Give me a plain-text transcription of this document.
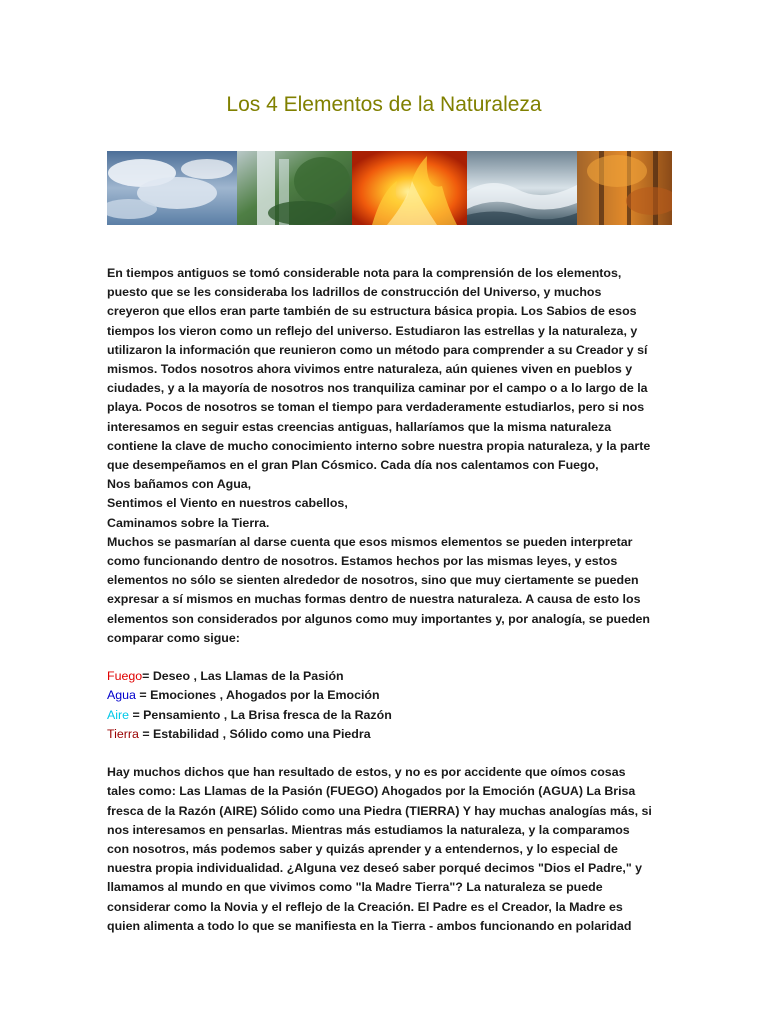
Los 4 Elementos de la Naturaleza
En tiempos antiguos se tomó considerable nota para la comprensión de los elementos,
puesto que se les consideraba los ladrillos de construcción del Universo, y muchos
creyeron que ellos eran parte también de su estructura básica propia. Los Sabios de esos
tiempos los vieron como un reflejo del universo. Estudiaron las estrellas y la naturaleza, y
utilizaron la información que reunieron como un método para comprender a su Creador y sí
mismos. Todos nosotros ahora vivimos entre naturaleza, aún quienes viven en pueblos y
ciudades, y a la mayoría de nosotros nos tranquiliza caminar por el campo o a lo largo de la
playa. Pocos de nosotros se toman el tiempo para verdaderamente estudiarlos, pero si nos
interesamos en seguir estas creencias antiguas, hallaríamos que la misma naturaleza
contiene la clave de mucho conocimiento interno sobre nuestra propia naturaleza, y la parte
que desempeñamos en el gran Plan Cósmico. Cada día nos calentamos con Fuego,
Nos bañamos con Agua,
Sentimos el Viento en nuestros cabellos,
Caminamos sobre la Tierra.
Muchos se pasmarían al darse cuenta que esos mismos elementos se pueden interpretar
como funcionando dentro de nosotros. Estamos hechos por las mismas leyes, y estos
elementos no sólo se sienten alrededor de nosotros, sino que muy ciertamente se pueden
expresar a sí mismos en muchas formas dentro de nuestra naturaleza. A causa de esto los
elementos son considerados por algunos como muy importantes y, por analogía, se pueden
comparar como sigue:
Fuego= Deseo , Las Llamas de la Pasión
Agua = Emociones , Ahogados por la Emoción
Aire = Pensamiento , La Brisa fresca de la Razón
Tierra = Estabilidad , Sólido como una Piedra
Hay muchos dichos que han resultado de estos, y no es por accidente que oímos cosas
tales como: Las Llamas de la Pasión (FUEGO) Ahogados por la Emoción (AGUA) La Brisa
fresca de la Razón (AIRE) Sólido como una Piedra (TIERRA) Y hay muchas analogías más, si
nos interesamos en pensarlas. Mientras más estudiamos la naturaleza, y la comparamos
con nosotros, más podemos saber y quizás aprender y a entendernos, y lo especial de
nuestra propia individualidad. ¿Alguna vez deseó saber porqué decimos "Dios el Padre," y
llamamos al mundo en que vivimos como "la Madre Tierra"? La naturaleza se puede
considerar como la Novia y el reflejo de la Creación. El Padre es el Creador, la Madre es
quien alimenta a todo lo que se manifiesta en la Tierra - ambos funcionando en polaridad
